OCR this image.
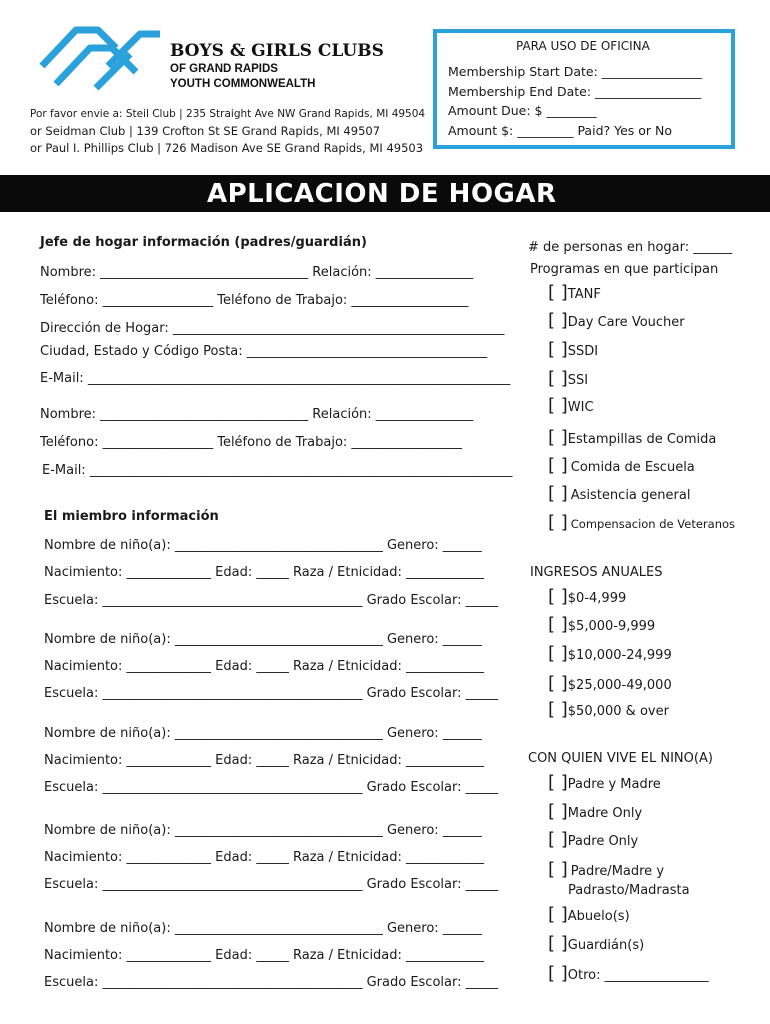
BOYS & GIRLS CLUBS
OF GRAND RAPIDS
YOUTH COMMONWEALTH
Por favor envie a: Steil Club | 235 Straight Ave NW Grand Rapids, MI 49504
or Seidman Club | 139 Crofton St SE Grand Rapids, MI 49507
or Paul I. Phillips Club | 726 Madison Ave SE Grand Rapids, MI 49503
PARA USO DE OFICINA
Membership Start Date: ________________
Membership End Date: _________________
Amount Due: $ ________
Amount $: _________ Paid? Yes or No
APLICACION DE HOGAR
Jefe de hogar información (padres/guardián)
Nombre: ________________________________ Relación: _______________
Teléfono: _________________ Teléfono de Trabajo: __________________
Dirección de Hogar: ___________________________________________________
Ciudad, Estado y Código Posta: _____________________________________
E-Mail: _________________________________________________________________
Nombre: ________________________________ Relación: _______________
Teléfono: _________________ Teléfono de Trabajo: _________________
E-Mail: _________________________________________________________________
El miembro información
Nombre de niño(a): ________________________________ Genero: ______
Nacimiento: _____________ Edad: _____ Raza / Etnicidad: ____________
Escuela: ________________________________________ Grado Escolar: _____
Nombre de niño(a): ________________________________ Genero: ______
Nacimiento: _____________ Edad: _____ Raza / Etnicidad: ____________
Escuela: ________________________________________ Grado Escolar: _____
Nombre de niño(a): ________________________________ Genero: ______
Nacimiento: _____________ Edad: _____ Raza / Etnicidad: ____________
Escuela: ________________________________________ Grado Escolar: _____
Nombre de niño(a): ________________________________ Genero: ______
Nacimiento: _____________ Edad: _____ Raza / Etnicidad: ____________
Escuela: ________________________________________ Grado Escolar: _____
Nombre de niño(a): ________________________________ Genero: ______
Nacimiento: _____________ Edad: _____ Raza / Etnicidad: ____________
Escuela: ________________________________________ Grado Escolar: _____
# de personas en hogar: ______
Programas en que participan
[ ]TANF
[ ]Day Care Voucher
[ ]SSDI
[ ]SSI
[ ]WIC
[ ]Estampillas de Comida
[ ] Comida de Escuela
[ ] Asistencia general
[ ] Compensacion de Veteranos
INGRESOS ANUALES
[ ]$0-4,999
[ ]$5,000-9,999
[ ]$10,000-24,999
[ ]$25,000-49,000
[ ]$50,000 & over
CON QUIEN VIVE EL NINO(A)
[ ]Padre y Madre
[ ]Madre Only
[ ]Padre Only
[ ] Padre/Madre y
Padrasto/Madrasta
[ ]Abuelo(s)
[ ]Guardián(s)
[ ]Otro: ________________
